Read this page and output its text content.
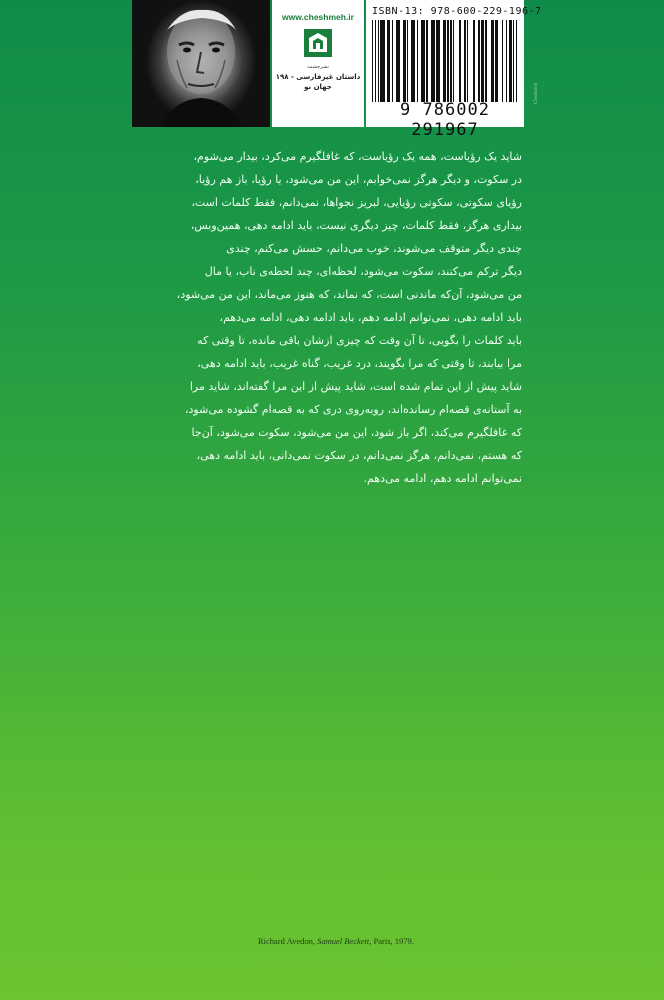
www.cheshmeh.ir
نشرچشمه
داستان غیرفارسی - ۱۹۸
جهان نو
ISBN-13: 978-600-229-196-7
9 786002 291967
Cheshmeh
شاید یک رؤیاست، همه یک رؤیاست، که غافلگیرم می‌کرد، بیدار می‌شوم،
در سکوت، و دیگر هرگز نمی‌خوابم، این من می‌شود، یا رؤیا، باز هم رؤیا،
رؤیای سکوتی، سکوتی رؤیایی، لبریز نجواها، نمی‌دانم، فقط کلمات است،
بیداری هرگز، فقط کلمات، چیز دیگری نیست، باید ادامه دهی، همین‌وبس،
چندی دیگر متوقف می‌شوند، خوب می‌دانم، حسش می‌کنم، چندی
دیگر ترکم می‌کنند، سکوت می‌شود، لحظه‌ای، چند لحظه‌ی ناب، یا مال
من می‌شود، آن‌که ماندنی است، که نماند، که هنوز می‌ماند، این من می‌شود،
باید ادامه دهی، نمی‌توانم ادامه دهم، باید ادامه دهی، ادامه می‌دهم،
باید کلمات را بگویی، تا آن وقت که چیزی ازشان باقی مانده، تا وقتی که
مرا بیابند، تا وقتی که مرا بگویند، درد غریب، گناه غریب، باید ادامه دهی،
شاید پیش از این تمام شده است، شاید پیش از این مرا گفته‌اند، شاید مرا
به آستانه‌ی قصه‌ام رسانده‌اند، روبه‌روی دری که به قصه‌ام گشوده می‌شود،
که غافلگیرم می‌کند، اگر باز شود، این من می‌شود، سکوت می‌شود، آن‌جا
که هستم، نمی‌دانم، هرگز نمی‌دانم، در سکوت نمی‌دانی، باید ادامه دهی،
نمی‌توانم ادامه دهم، ادامه می‌دهم.
Richard Avedon, Samuel Beckett, Paris, 1979.
